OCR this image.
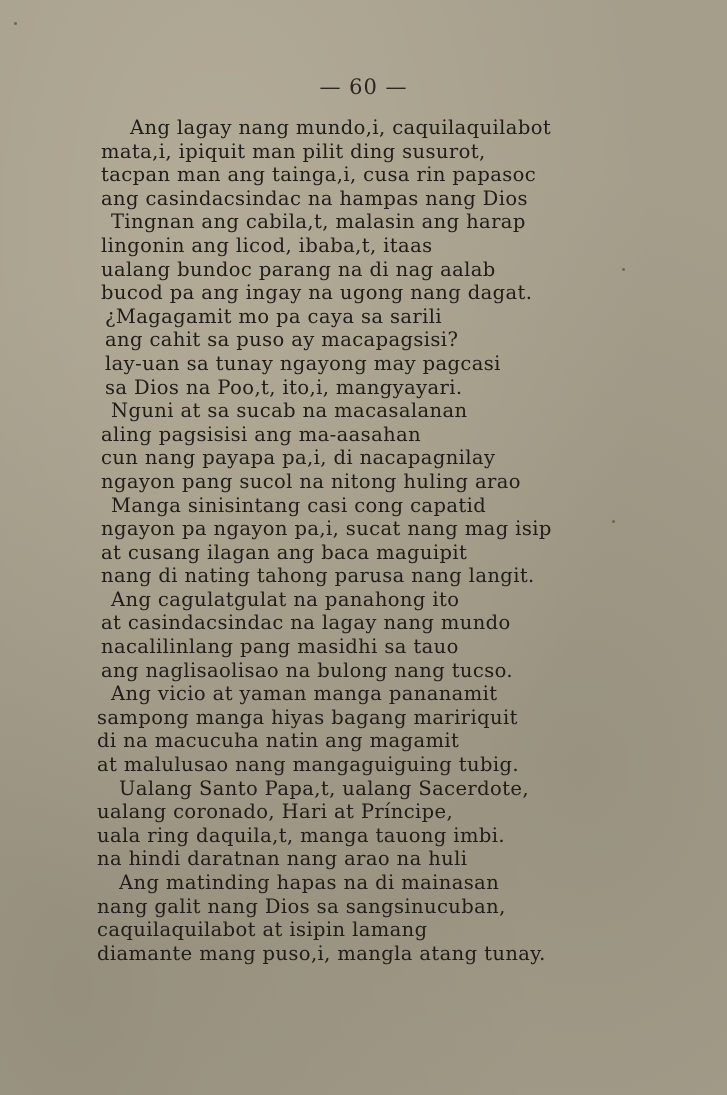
— 60 —
Ang lagay nang mundo,i, caquilaquilabot
mata,i, ipiquit man pilit ding susurot,
tacpan man ang tainga,i, cusa rin papasoc
ang casindacsindac na hampas nang Dios
Tingnan ang cabila,t, malasin ang harap
lingonin ang licod, ibaba,t, itaas
ualang bundoc parang na di nag aalab
bucod pa ang ingay na ugong nang dagat.
¿Magagamit mo pa caya sa sarili
ang cahit sa puso ay macapagsisi?
lay-uan sa tunay ngayong may pagcasi
sa Dios na Poo,t, ito,i, mangyayari.
Nguni at sa sucab na macasalanan
aling pagsisisi ang ma-aasahan
cun nang payapa pa,i, di nacapagnilay
ngayon pang sucol na nitong huling arao
Manga sinisintang casi cong capatid
ngayon pa ngayon pa,i, sucat nang mag isip
at cusang ilagan ang baca maguipit
nang di nating tahong parusa nang langit.
Ang cagulatgulat na panahong ito
at casindacsindac na lagay nang mundo
nacalilinlang pang masidhi sa tauo
ang naglisaolisao na bulong nang tucso.
Ang vicio at yaman manga pananamit
sampong manga hiyas bagang maririquit
di na macucuha natin ang magamit
at malulusao nang mangaguiguing tubig.
Ualang Santo Papa,t, ualang Sacerdote,
ualang coronado, Hari at Príncipe,
uala ring daquila,t, manga tauong imbi.
na hindi daratnan nang arao na huli
Ang matinding hapas na di mainasan
nang galit nang Dios sa sangsinucuban,
caquilaquilabot at isipin lamang
diamante mang puso,i, mangla atang tunay.
